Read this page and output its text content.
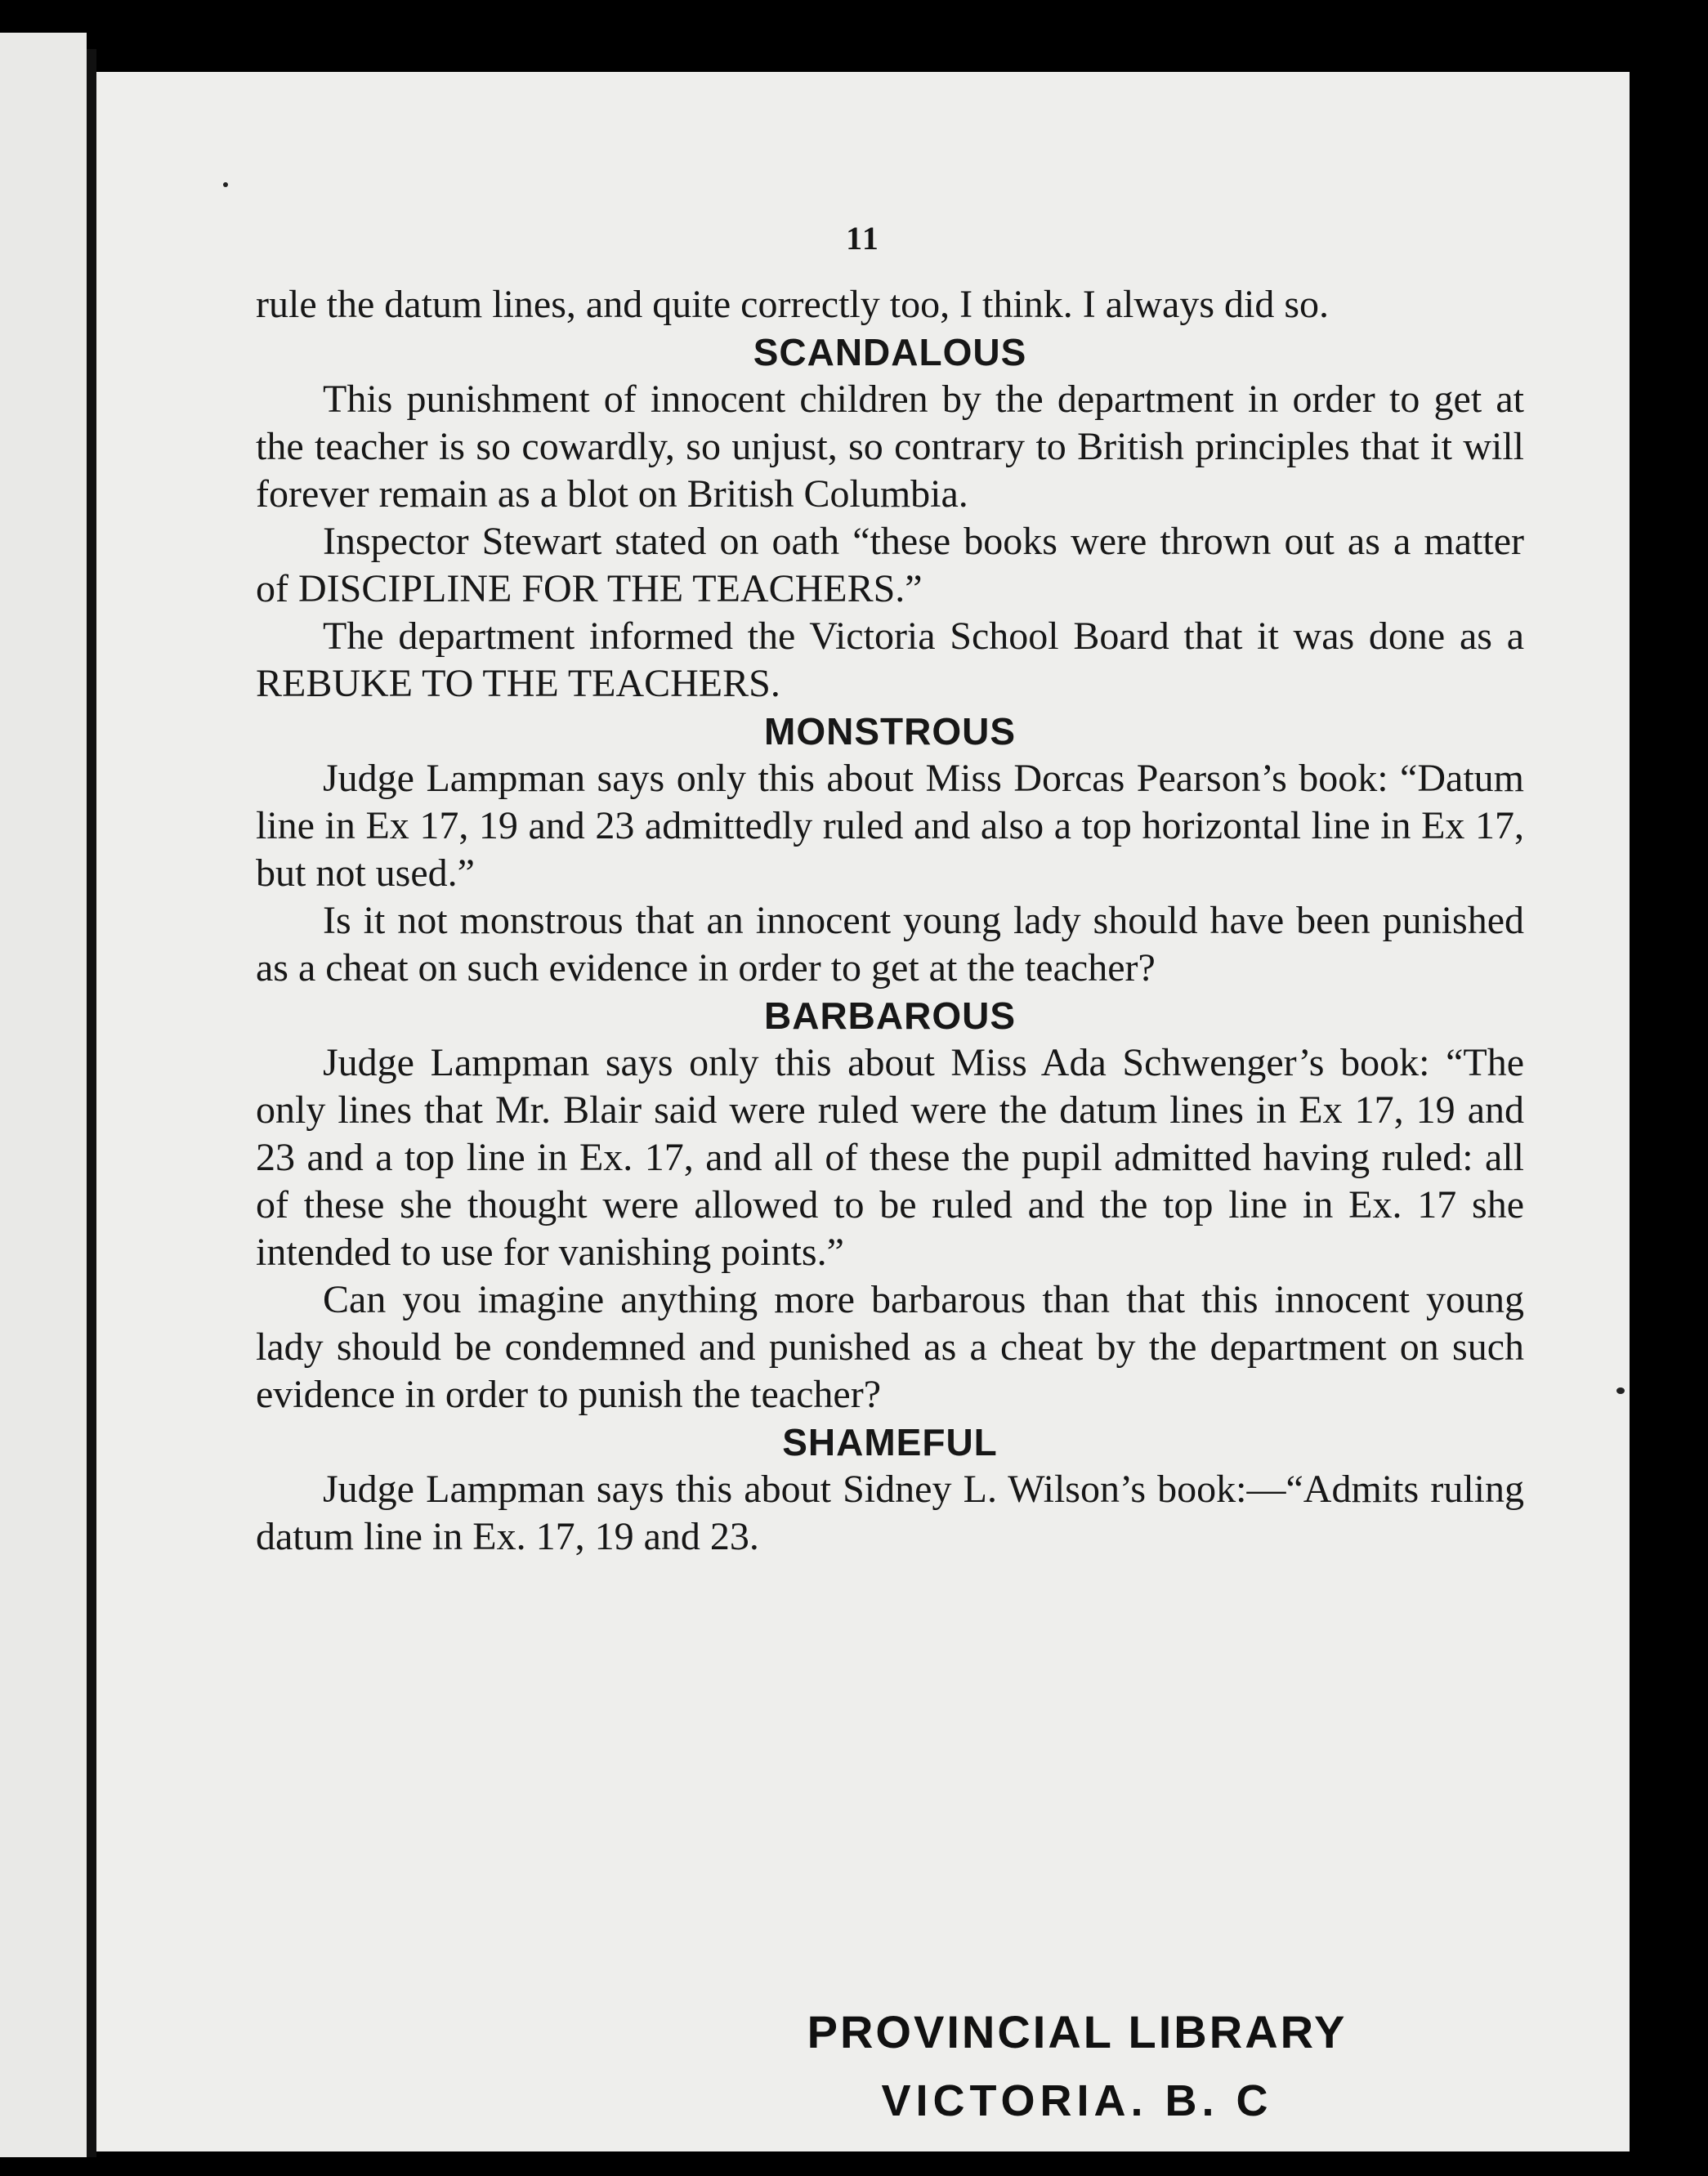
11

rule the datum lines, and quite correctly too, I think. I always did so.

SCANDALOUS

This punishment of innocent children by the department in order to get at the teacher is so cowardly, so unjust, so contrary to British principles that it will forever remain as a blot on British Columbia.

Inspector Stewart stated on oath “these books were thrown out as a matter of DISCIPLINE FOR THE TEACHERS.”

The department informed the Victoria School Board that it was done as a REBUKE TO THE TEACHERS.

MONSTROUS

Judge Lampman says only this about Miss Dorcas Pearson’s book: “Datum line in Ex 17, 19 and 23 admittedly ruled and also a top horizontal line in Ex 17, but not used.”

Is it not monstrous that an innocent young lady should have been punished as a cheat on such evidence in order to get at the teacher?

BARBAROUS

Judge Lampman says only this about Miss Ada Schwenger’s book: “The only lines that Mr. Blair said were ruled were the datum lines in Ex 17, 19 and 23 and a top line in Ex. 17, and all of these the pupil admitted having ruled: all of these she thought were allowed to be ruled and the top line in Ex. 17 she intended to use for vanishing points.”

Can you imagine anything more barbarous than that this innocent young lady should be condemned and punished as a cheat by the department on such evidence in order to punish the teacher?

SHAMEFUL

Judge Lampman says this about Sidney L. Wilson’s book:—“Admits ruling datum line in Ex. 17, 19 and 23.

PROVINCIAL LIBRARY
VICTORIA. B. C
